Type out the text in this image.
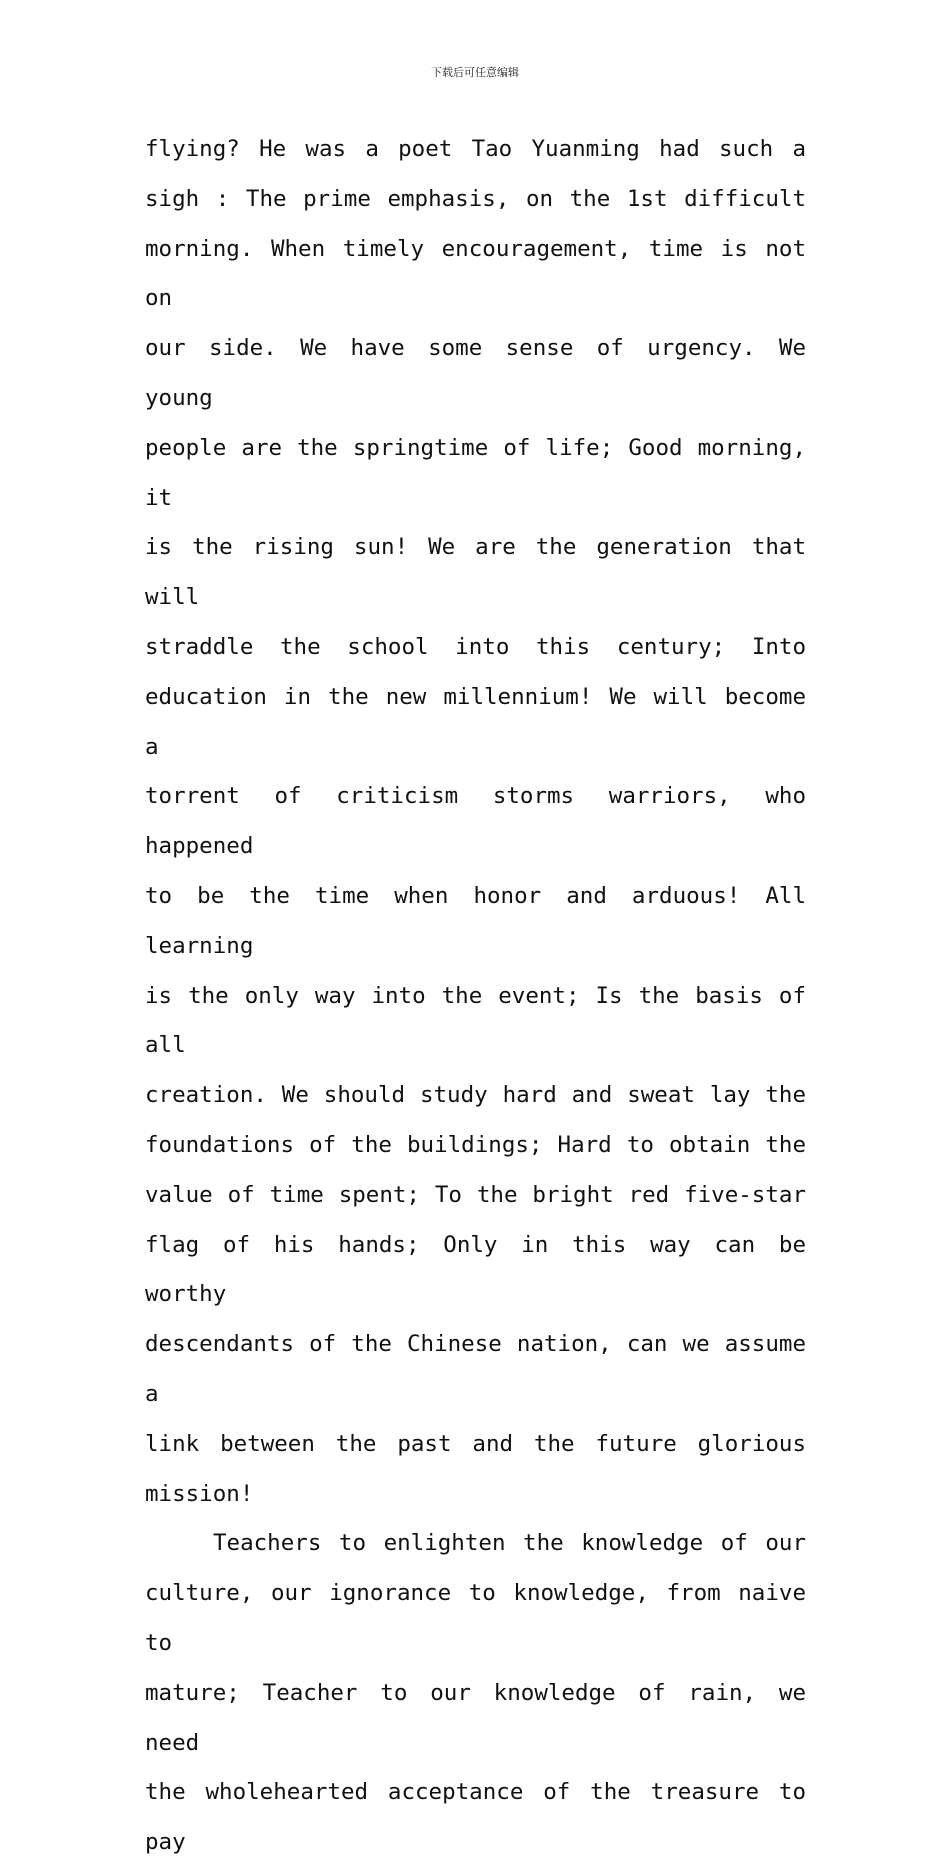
下载后可任意编辑
flying? He was a poet Tao Yuanming had such a
sigh : The prime emphasis, on the 1st difficult
morning. When timely encouragement, time is not on
our side. We have some sense of urgency. We young
people are the springtime of life; Good morning, it
is the rising sun! We are the generation that will
straddle the school into this century; Into
education in the new millennium! We will become a
torrent of criticism storms warriors, who happened
to be the time when honor and arduous! All learning
is the only way into the event; Is the basis of all
creation. We should study hard and sweat lay the
foundations of the buildings; Hard to obtain the
value of time spent; To the bright red five-star
flag of his hands; Only in this way can be worthy
descendants of the Chinese nation, can we assume a
link between the past and the future glorious
mission!
Teachers to enlighten the knowledge of our
culture, our ignorance to knowledge, from naive to
mature; Teacher to our knowledge of rain, we need
the wholehearted acceptance of the treasure to pay
